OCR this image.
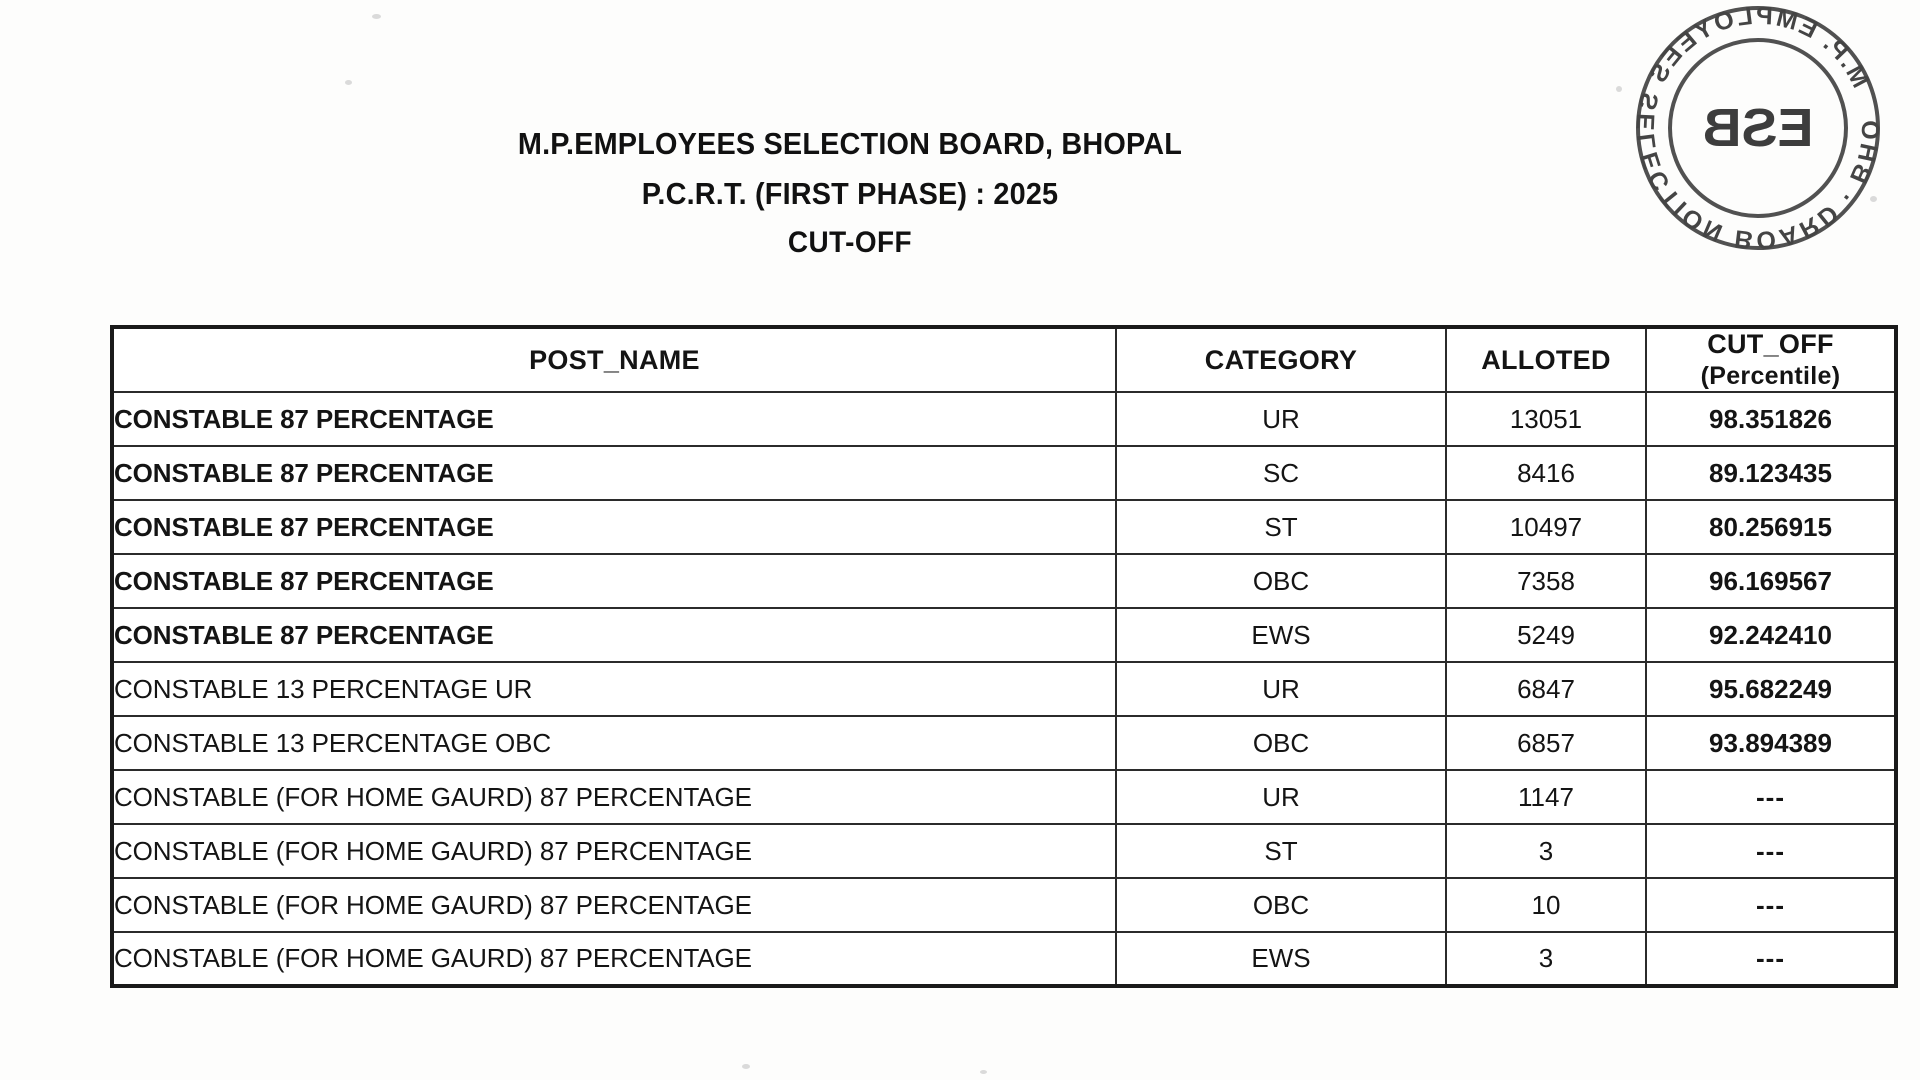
M.P. EMPLOYEES SELECTION BOARD · BHO
ESB
M.P.EMPLOYEES SELECTION BOARD, BHOPAL
P.C.R.T. (FIRST PHASE) : 2025
CUT-OFF
POST_NAME	CATEGORY	ALLOTED	CUT_OFF
(Percentile)

CONSTABLE 87 PERCENTAGE	UR	13051	98.351826
CONSTABLE 87 PERCENTAGE	SC	8416	89.123435
CONSTABLE 87 PERCENTAGE	ST	10497	80.256915
CONSTABLE 87 PERCENTAGE	OBC	7358	96.169567
CONSTABLE 87 PERCENTAGE	EWS	5249	92.242410
CONSTABLE 13 PERCENTAGE UR	UR	6847	95.682249
CONSTABLE 13 PERCENTAGE OBC	OBC	6857	93.894389
CONSTABLE (FOR HOME GAURD) 87 PERCENTAGE	UR	1147	---
CONSTABLE (FOR HOME GAURD) 87 PERCENTAGE	ST	3	---
CONSTABLE (FOR HOME GAURD) 87 PERCENTAGE	OBC	10	---
CONSTABLE (FOR HOME GAURD) 87 PERCENTAGE	EWS	3	---
